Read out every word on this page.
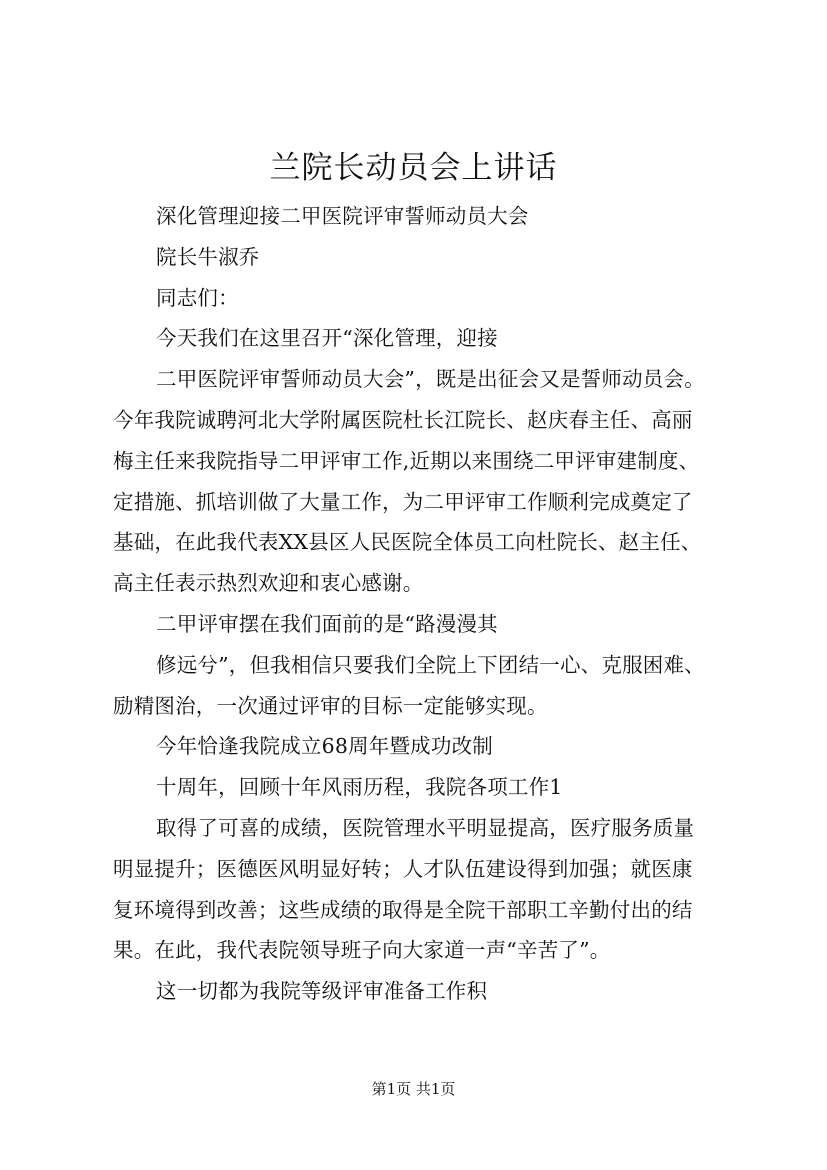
兰院长动员会上讲话

深化管理迎接二甲医院评审誓师动员大会

院长牛淑乔

同志们：

今天我们在这里召开“深化管理，迎接

二甲医院评审誓师动员大会”，既是出征会又是誓师动员会。

今年我院诚聘河北大学附属医院杜长江院长、赵庆春主任、高丽

梅主任来我院指导二甲评审工作,近期以来围绕二甲评审建制度、

定措施、抓培训做了大量工作，为二甲评审工作顺利完成奠定了

基础，在此我代表XX县区人民医院全体员工向杜院长、赵主任、

高主任表示热烈欢迎和衷心感谢。

二甲评审摆在我们面前的是“路漫漫其

修远兮”，但我相信只要我们全院上下团结一心、克服困难、

励精图治，一次通过评审的目标一定能够实现。

今年恰逢我院成立68周年暨成功改制

十周年，回顾十年风雨历程，我院各项工作1

取得了可喜的成绩，医院管理水平明显提高，医疗服务质量

明显提升；医德医风明显好转；人才队伍建设得到加强；就医康

复环境得到改善；这些成绩的取得是全院干部职工辛勤付出的结

果。在此，我代表院领导班子向大家道一声“辛苦了”。

这一切都为我院等级评审准备工作积

第1页 共1页
